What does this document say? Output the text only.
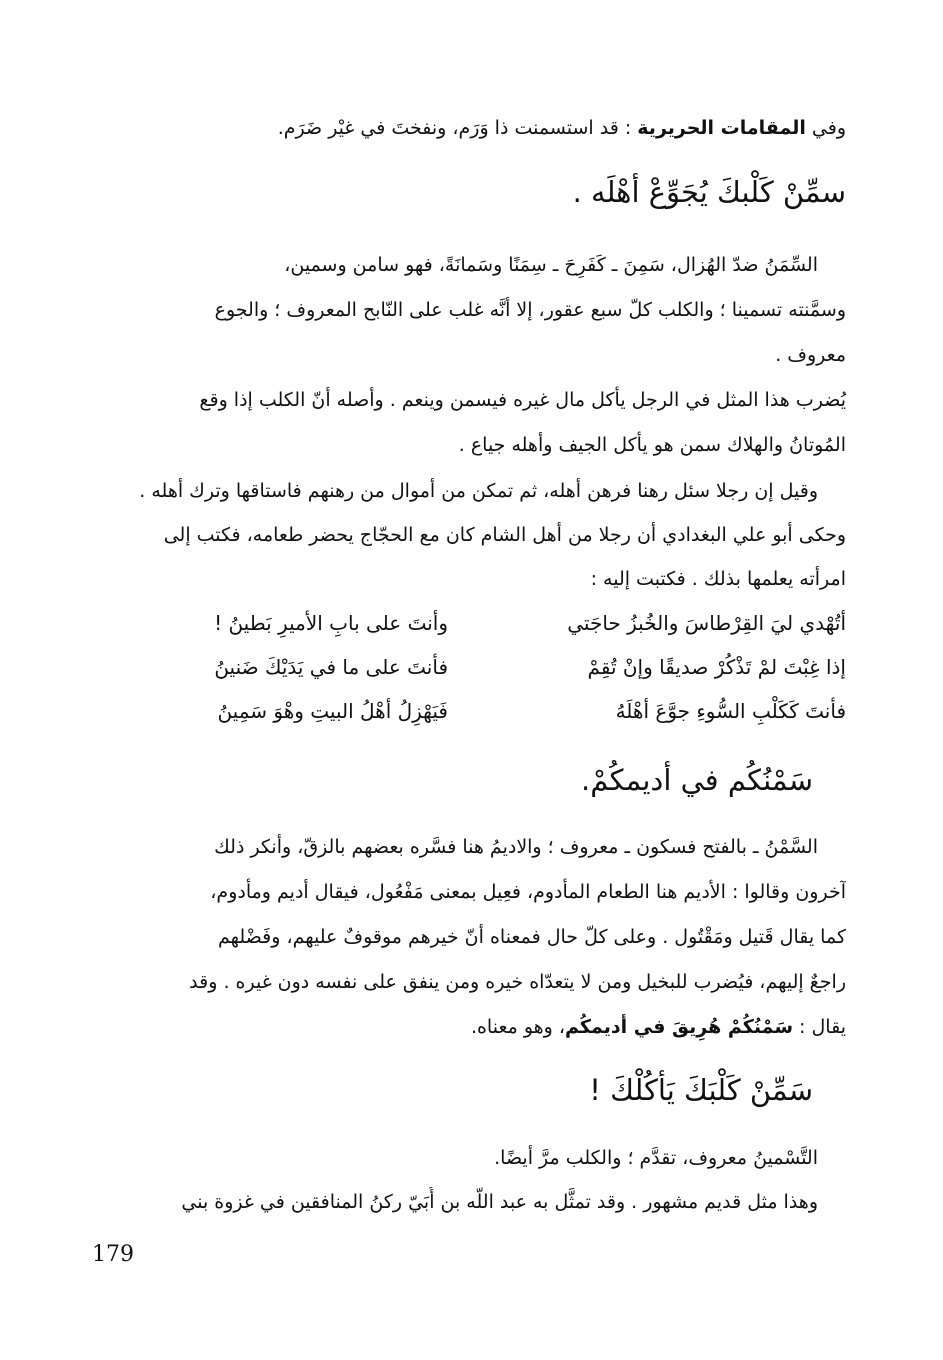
وفي المقامات الحريرية : قد استسمنت ذا وَرَم، ونفختَ في غيْر ضَرَم.
سمِّنْ كَلْبكَ يُجَوِّعْ أهْلَه .
السِّمَنُ ضدّ الهُزال، سَمِنَ ـ كَفَرِحَ ـ سِمَنًا وسَمانَةً، فهو سامن وسمين،
وسمَّنته تسمينا ؛ والكلب كلّ سبع عقور، إلا أنَّه غلب على النّابح المعروف ؛ والجوع
معروف .
يُضرب هذا المثل في الرجل يأكل مال غيره فيسمن وينعم . وأصله أنّ الكلب إذا وقع
المُوتانُ والهلاك سمن هو يأكل الجيف وأهله جياع .
وقيل إن رجلا سئل رهنا فرهن أهله، ثم تمكن من أموال من رهنهم فاستاقها وترك أهله .
وحكى أبو علي البغدادي أن رجلا من أهل الشام كان مع الحجّاج يحضر طعامه، فكتب إلى
امرأته يعلمها بذلك . فكتبت إليه :
أتُهْدي ليَ القِرْطاسَ والخُبزُ حاجَتي
وأنتَ على بابِ الأميرِ بَطينُ !
إذا غِبْتَ لمْ تَذْكُرْ صديقًا وإنْ تُقِمْ
فأنتَ على ما في يَدَيْكَ ضَنينُ
فأنتَ كَكَلْبِ السُّوءِ جوَّعَ أهْلَهُ
فَيَهْزِلُ أهْلُ البيتِ وهْوَ سَمِينُ
سَمْنُكُم في أديمكُمْ.
السَّمْنُ ـ بالفتح فسكون ـ معروف ؛ والاديمُ هنا فسَّره بعضهم بالزقّ، وأنكر ذلك
آخرون وقالوا : الأديم هنا الطعام المأدوم، فعِيل بمعنى مَفْعُول، فيقال أديم ومأدوم،
كما يقال قَتيل ومَقْتُول . وعلى كلّ حال فمعناه أنّ خيرهم موقوفٌ عليهم، وفَضْلهم
راجعٌ إليهم، فيُضرب للبخيل ومن لا يتعدّاه خيره ومن ينفق على نفسه دون غيره . وقد
يقال : سَمْنُكُمْ هُرِيقَ في أديمكُم، وهو معناه.
سَمِّنْ كَلْبَكَ يَأكُلْكَ !
التَّسْمينُ معروف، تقدَّم ؛ والكلب مرَّ أيضًا.
وهذا مثل قديم مشهور . وقد تمثَّل به عبد اللَّه بن أُبَيّ ركنُ المنافقين في غزوة بني
179
